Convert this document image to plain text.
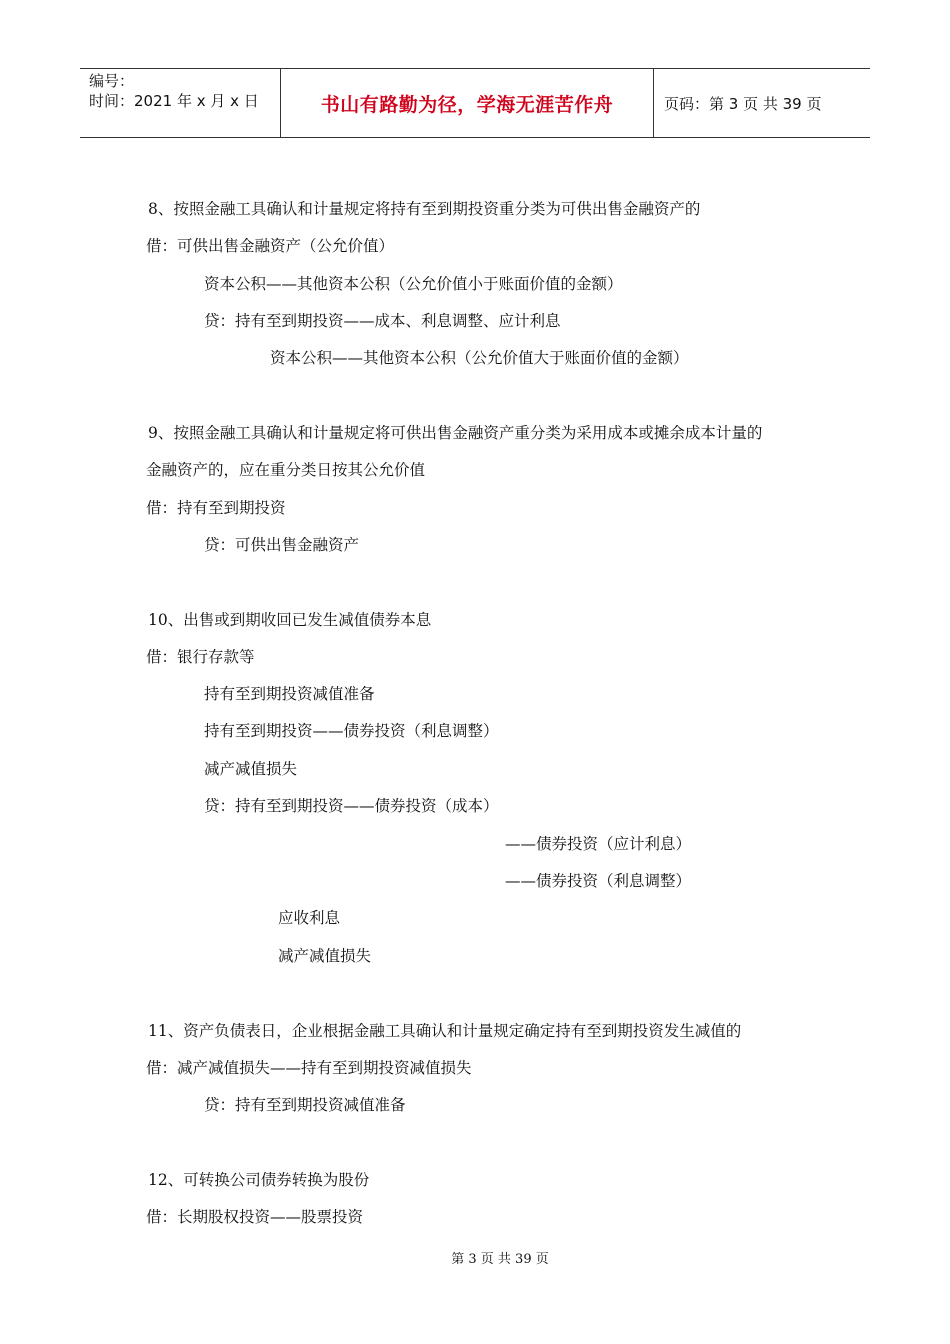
编号：
时间：2021 年 x 月 x 日	书山有路勤为径，学海无涯苦作舟	页码：第 3 页 共 39 页
8、按照金融工具确认和计量规定将持有至到期投资重分类为可供出售金融资产的
借：可供出售金融资产（公允价值）
资本公积——其他资本公积（公允价值小于账面价值的金额）
贷：持有至到期投资——成本、利息调整、应计利息
资本公积——其他资本公积（公允价值大于账面价值的金额）
9、按照金融工具确认和计量规定将可供出售金融资产重分类为采用成本或摊余成本计量的
金融资产的，应在重分类日按其公允价值
借：持有至到期投资
贷：可供出售金融资产
10、出售或到期收回已发生减值债券本息
借：银行存款等
持有至到期投资减值准备
持有至到期投资——债券投资（利息调整）
减产减值损失
贷：持有至到期投资——债券投资（成本）
——债券投资（应计利息）
——债券投资（利息调整）
应收利息
减产减值损失
11、资产负债表日，企业根据金融工具确认和计量规定确定持有至到期投资发生减值的
借：减产减值损失——持有至到期投资减值损失
贷：持有至到期投资减值准备
12、可转换公司债券转换为股份
借：长期股权投资——股票投资
第 3 页 共 39 页
